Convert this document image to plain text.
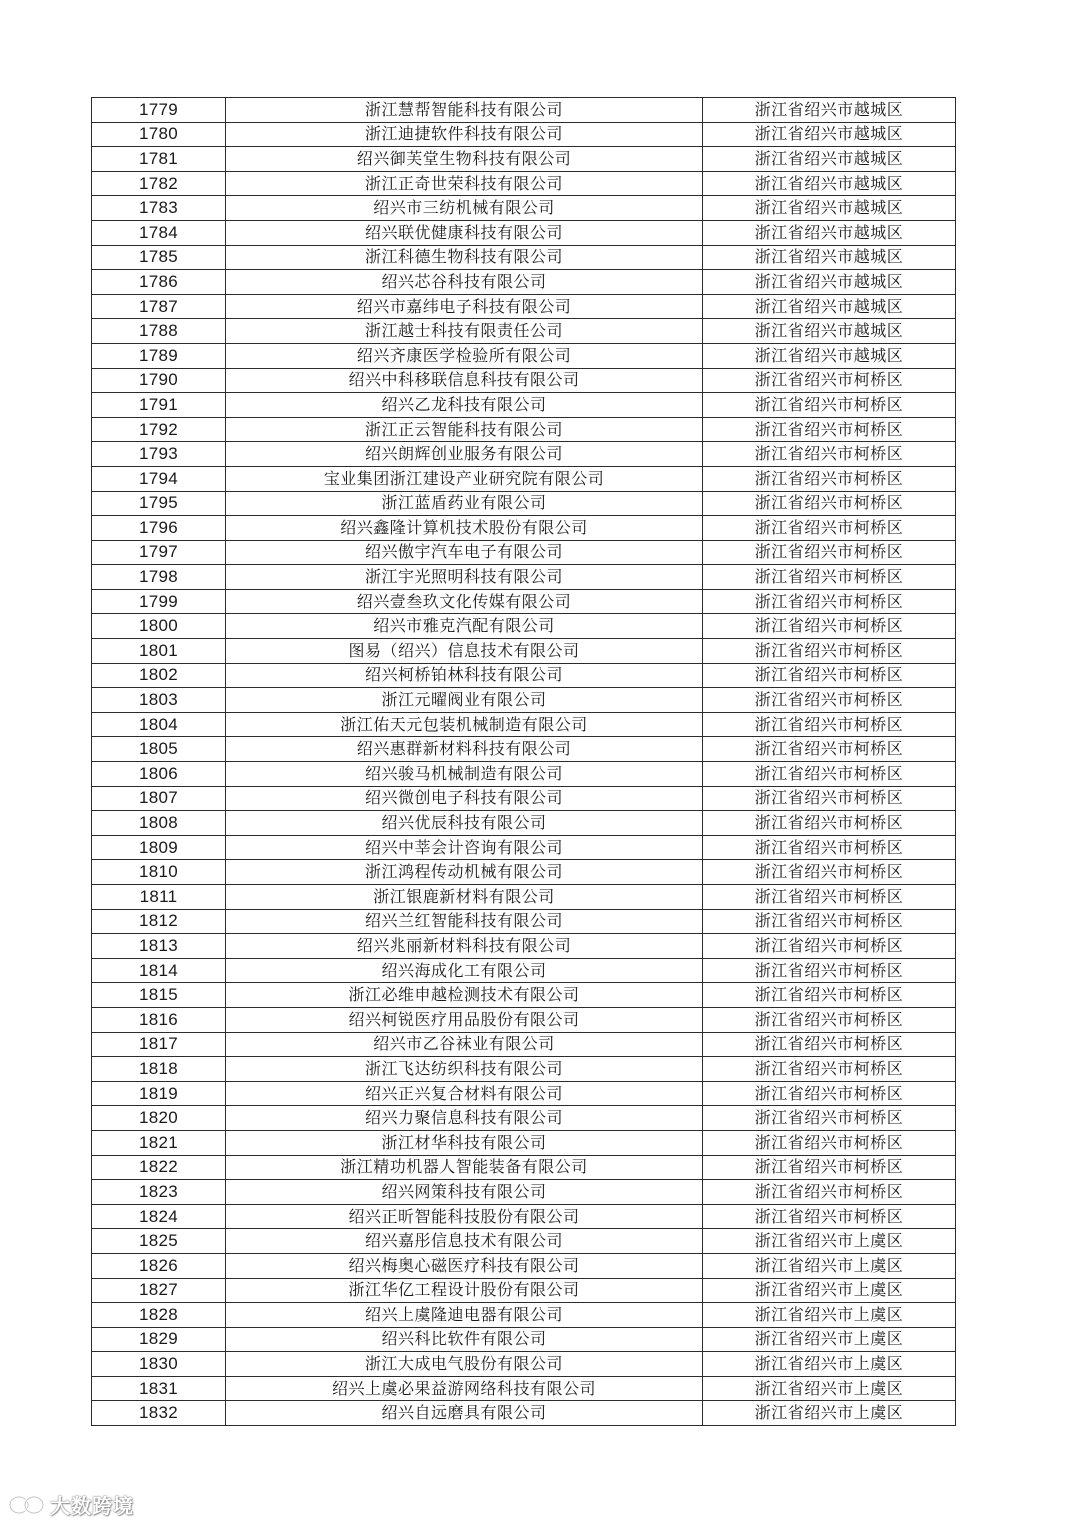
1779	浙江慧帮智能科技有限公司	浙江省绍兴市越城区
1780	浙江迪捷软件科技有限公司	浙江省绍兴市越城区
1781	绍兴御芙堂生物科技有限公司	浙江省绍兴市越城区
1782	浙江正奇世荣科技有限公司	浙江省绍兴市越城区
1783	绍兴市三纺机械有限公司	浙江省绍兴市越城区
1784	绍兴联优健康科技有限公司	浙江省绍兴市越城区
1785	浙江科德生物科技有限公司	浙江省绍兴市越城区
1786	绍兴芯谷科技有限公司	浙江省绍兴市越城区
1787	绍兴市嘉纬电子科技有限公司	浙江省绍兴市越城区
1788	浙江越士科技有限责任公司	浙江省绍兴市越城区
1789	绍兴齐康医学检验所有限公司	浙江省绍兴市越城区
1790	绍兴中科移联信息科技有限公司	浙江省绍兴市柯桥区
1791	绍兴乙龙科技有限公司	浙江省绍兴市柯桥区
1792	浙江正云智能科技有限公司	浙江省绍兴市柯桥区
1793	绍兴朗辉创业服务有限公司	浙江省绍兴市柯桥区
1794	宝业集团浙江建设产业研究院有限公司	浙江省绍兴市柯桥区
1795	浙江蓝盾药业有限公司	浙江省绍兴市柯桥区
1796	绍兴鑫隆计算机技术股份有限公司	浙江省绍兴市柯桥区
1797	绍兴傲宇汽车电子有限公司	浙江省绍兴市柯桥区
1798	浙江宇光照明科技有限公司	浙江省绍兴市柯桥区
1799	绍兴壹叁玖文化传媒有限公司	浙江省绍兴市柯桥区
1800	绍兴市雅克汽配有限公司	浙江省绍兴市柯桥区
1801	图易（绍兴）信息技术有限公司	浙江省绍兴市柯桥区
1802	绍兴柯桥铂林科技有限公司	浙江省绍兴市柯桥区
1803	浙江元曜阀业有限公司	浙江省绍兴市柯桥区
1804	浙江佑天元包装机械制造有限公司	浙江省绍兴市柯桥区
1805	绍兴惠群新材料科技有限公司	浙江省绍兴市柯桥区
1806	绍兴骏马机械制造有限公司	浙江省绍兴市柯桥区
1807	绍兴微创电子科技有限公司	浙江省绍兴市柯桥区
1808	绍兴优辰科技有限公司	浙江省绍兴市柯桥区
1809	绍兴中莘会计咨询有限公司	浙江省绍兴市柯桥区
1810	浙江鸿程传动机械有限公司	浙江省绍兴市柯桥区
1811	浙江银鹿新材料有限公司	浙江省绍兴市柯桥区
1812	绍兴兰红智能科技有限公司	浙江省绍兴市柯桥区
1813	绍兴兆丽新材料科技有限公司	浙江省绍兴市柯桥区
1814	绍兴海成化工有限公司	浙江省绍兴市柯桥区
1815	浙江必维申越检测技术有限公司	浙江省绍兴市柯桥区
1816	绍兴柯锐医疗用品股份有限公司	浙江省绍兴市柯桥区
1817	绍兴市乙谷袜业有限公司	浙江省绍兴市柯桥区
1818	浙江飞达纺织科技有限公司	浙江省绍兴市柯桥区
1819	绍兴正兴复合材料有限公司	浙江省绍兴市柯桥区
1820	绍兴力聚信息科技有限公司	浙江省绍兴市柯桥区
1821	浙江材华科技有限公司	浙江省绍兴市柯桥区
1822	浙江精功机器人智能装备有限公司	浙江省绍兴市柯桥区
1823	绍兴网策科技有限公司	浙江省绍兴市柯桥区
1824	绍兴正昕智能科技股份有限公司	浙江省绍兴市柯桥区
1825	绍兴嘉彤信息技术有限公司	浙江省绍兴市上虞区
1826	绍兴梅奥心磁医疗科技有限公司	浙江省绍兴市上虞区
1827	浙江华亿工程设计股份有限公司	浙江省绍兴市上虞区
1828	绍兴上虞隆迪电器有限公司	浙江省绍兴市上虞区
1829	绍兴科比软件有限公司	浙江省绍兴市上虞区
1830	浙江大成电气股份有限公司	浙江省绍兴市上虞区
1831	绍兴上虞必果益游网络科技有限公司	浙江省绍兴市上虞区
1832	绍兴自远磨具有限公司	浙江省绍兴市上虞区
大数跨境
